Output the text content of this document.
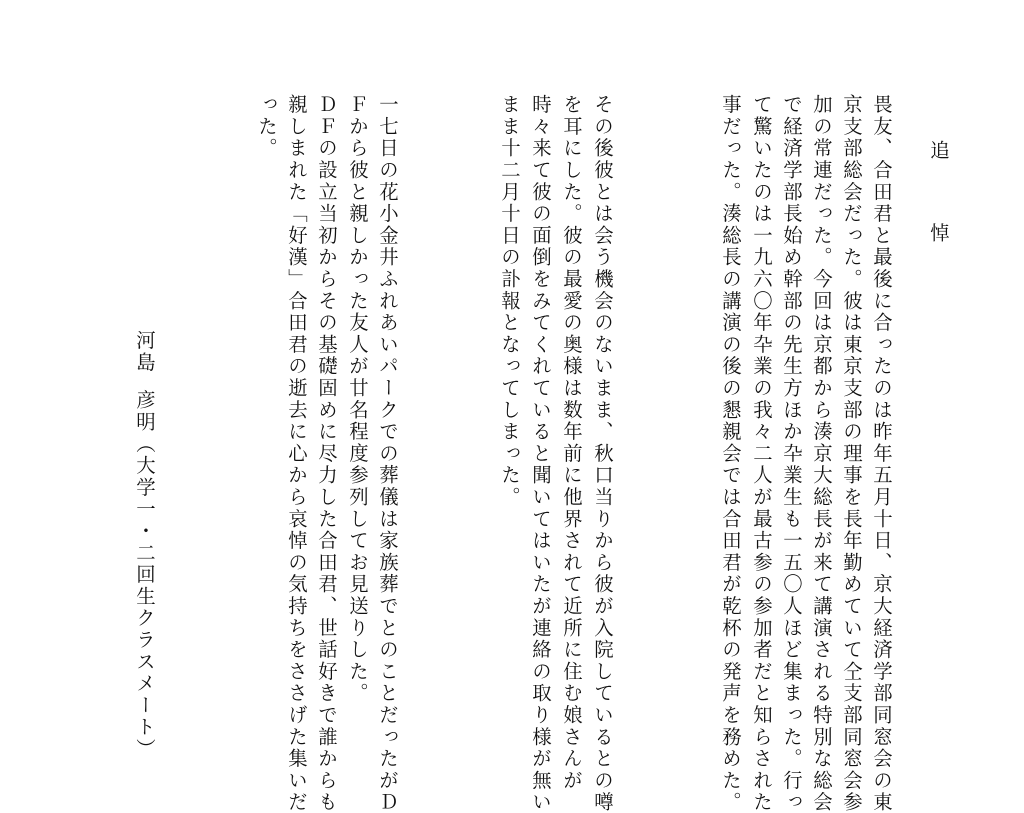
追 悼

畏友、合田君と最後に合ったのは昨年五月十日、京大経済学部同窓会の東

京支部総会だった。彼は東京支部の理事を長年勤めていて仝支部同窓会参

加の常連だった。今回は京都から湊京大総長が来て講演される特別な総会

で経済学部長始め幹部の先生方ほか卆業生も一五〇人ほど集まった。行っ

て驚いたのは一九六〇年卆業の我々二人が最古参の参加者だと知らされた

事だった。湊総長の講演の後の懇親会では合田君が乾杯の発声を務めた。

その後彼とは会う機会のないまま、秋口当りから彼が入院しているとの噂

を耳にした。彼の最愛の奥様は数年前に他界されて近所に住む娘さんが

時々来て彼の面倒をみてくれていると聞いてはいたが連絡の取り様が無い

まま十二月十日の訃報となってしまった。

一七日の花小金井ふれあいパークでの葬儀は家族葬でとのことだったがＤ

Ｆから彼と親しかった友人が廿名程度参列してお見送りした。

ＤＦの設立当初からその基礎固めに尽力した合田君、世話好きで誰からも

親しまれた「好漢」合田君の逝去に心から哀悼の気持ちをささげた集いだ

った。

河島彦明（大学一・二回生クラスメート）
